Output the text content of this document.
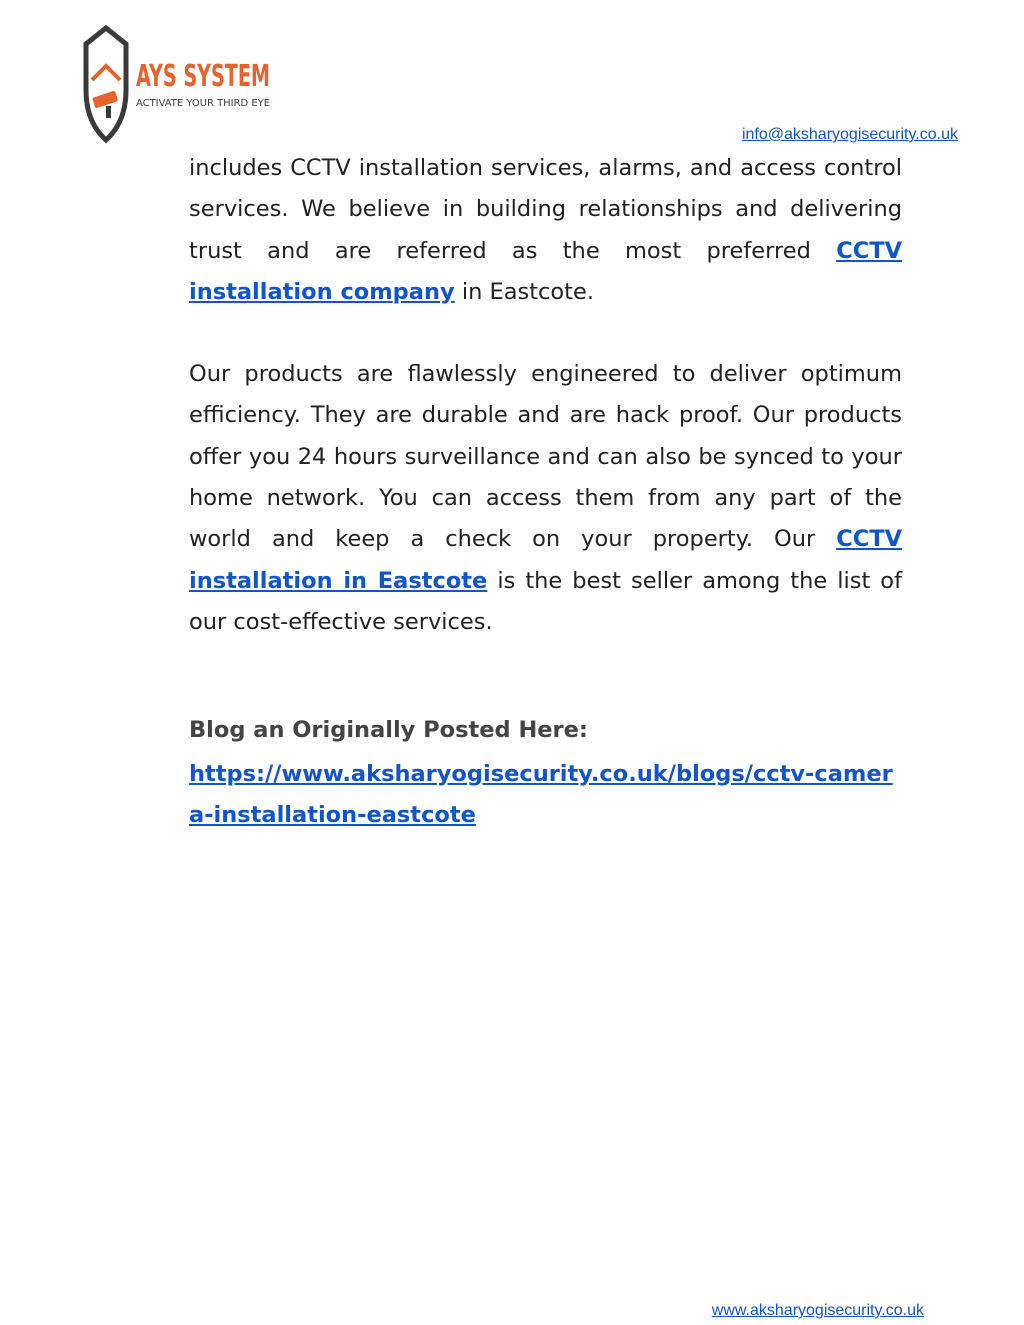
AYS SYSTEM
ACTIVATE YOUR THIRD EYE
info@aksharyogisecurity.co.uk

includes CCTV installation services, alarms, and access control services. We believe in building relationships and delivering trust and are referred as the most preferred CCTV installation company in Eastcote.

Our products are flawlessly engineered to deliver optimum efficiency. They are durable and are hack proof. Our products offer you 24 hours surveillance and can also be synced to your home network. You can access them from any part of the world and keep a check on your property. Our CCTV installation in Eastcote is the best seller among the list of our cost-effective services.

Blog an Originally Posted Here:

https://www.aksharyogisecurity.co.uk/blogs/cctv-camera-installation-eastcote
www.aksharyogisecurity.co.uk
